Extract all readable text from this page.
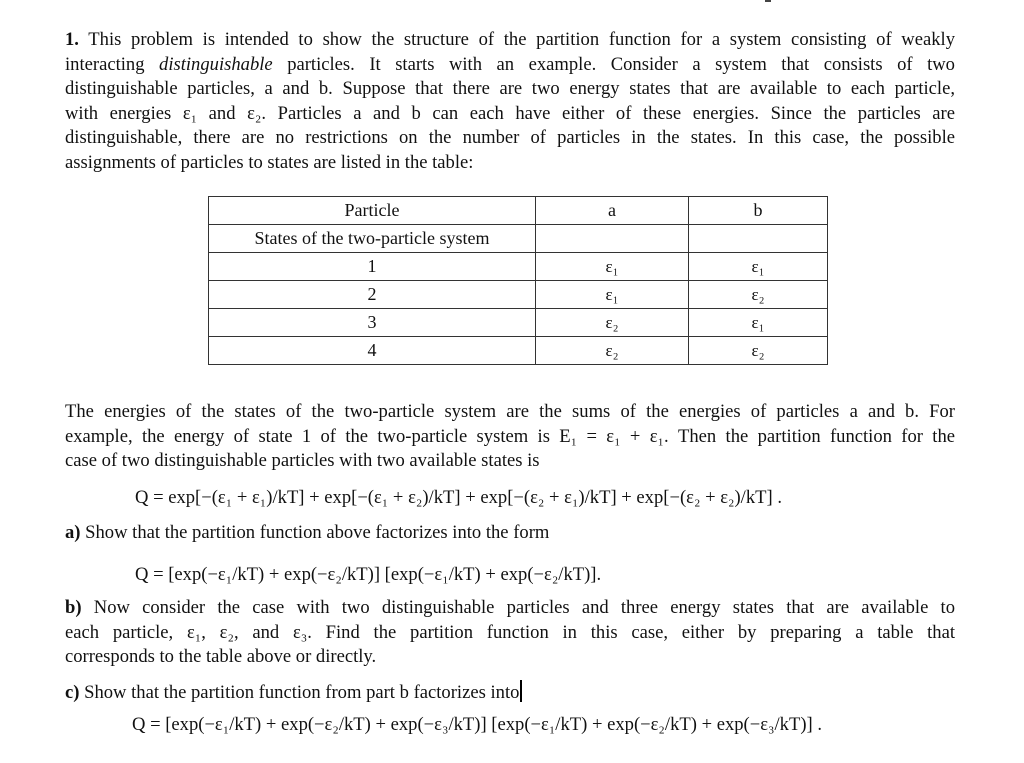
1. This problem is intended to show the structure of the partition function for a system consisting of weakly
interacting distinguishable particles. It starts with an example. Consider a system that consists of two
distinguishable particles, a and b. Suppose that there are two energy states that are available to each particle,
with energies ε₁ and ε₂. Particles a and b can each have either of these energies. Since the particles are
distinguishable, there are no restrictions on the number of particles in the states. In this case, the possible
assignments of particles to states are listed in the table:
Particle	a	b
States of the two-particle system		
1	ε₁	ε₁
2	ε₁	ε₂
3	ε₂	ε₁
4	ε₂	ε₂
The energies of the states of the two-particle system are the sums of the energies of particles a and b. For
example, the energy of state 1 of the two-particle system is E₁ = ε₁ + ε₁. Then the partition function for the
case of two distinguishable particles with two available states is
Q = exp[−(ε₁ + ε₁)/kT] + exp[−(ε₁ + ε₂)/kT] + exp[−(ε₂ + ε₁)/kT] + exp[−(ε₂ + ε₂)/kT] .
a) Show that the partition function above factorizes into the form
Q = [exp(−ε₁/kT) + exp(−ε₂/kT)] [exp(−ε₁/kT) + exp(−ε₂/kT)].
b) Now consider the case with two distinguishable particles and three energy states that are available to
each particle, ε₁, ε₂, and ε₃. Find the partition function in this case, either by preparing a table that
corresponds to the table above or directly.
c) Show that the partition function from part b factorizes into
Q = [exp(−ε₁/kT) + exp(−ε₂/kT) + exp(−ε₃/kT)] [exp(−ε₁/kT) + exp(−ε₂/kT) + exp(−ε₃/kT)] .
